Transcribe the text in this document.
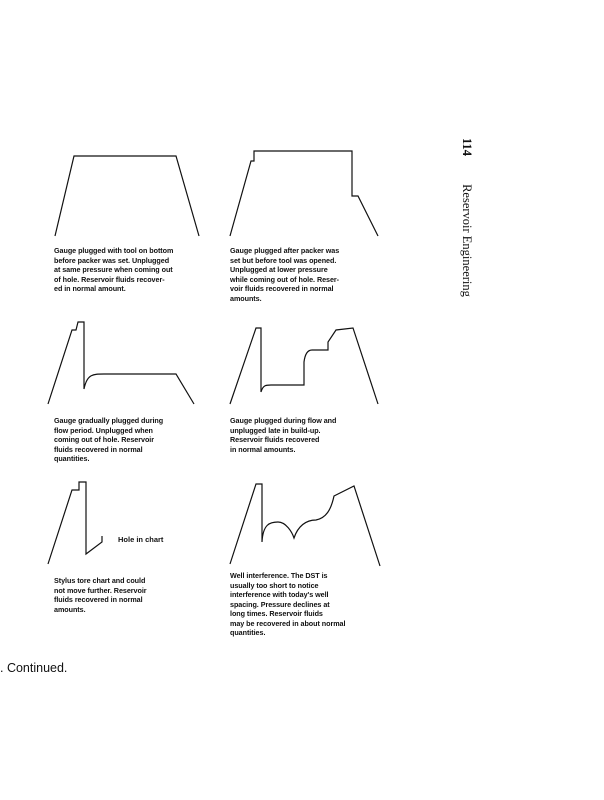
Gauge plugged with tool on bottom
before packer was set. Unplugged
at same pressure when coming out
of hole. Reservoir fluids recover-
ed in normal amount.
Gauge plugged after packer was
set but before tool was opened.
Unplugged at lower pressure
while coming out of hole. Reser-
voir fluids recovered in normal
amounts.
Gauge gradually plugged during
flow period. Unplugged when
coming out of hole. Reservoir
fluids recovered in normal
quantities.
Gauge plugged during flow and
unplugged late in build-up.
Reservoir fluids recovered
in normal amounts.
Hole in chart
Stylus tore chart and could
not move further. Reservoir
fluids recovered in normal
amounts.
Well interference. The DST is
usually too short to notice
interference with today's well
spacing. Pressure declines at
long times. Reservoir fluids
may be recovered in about normal
quantities.
114Reservoir Engineering
. Continued.
